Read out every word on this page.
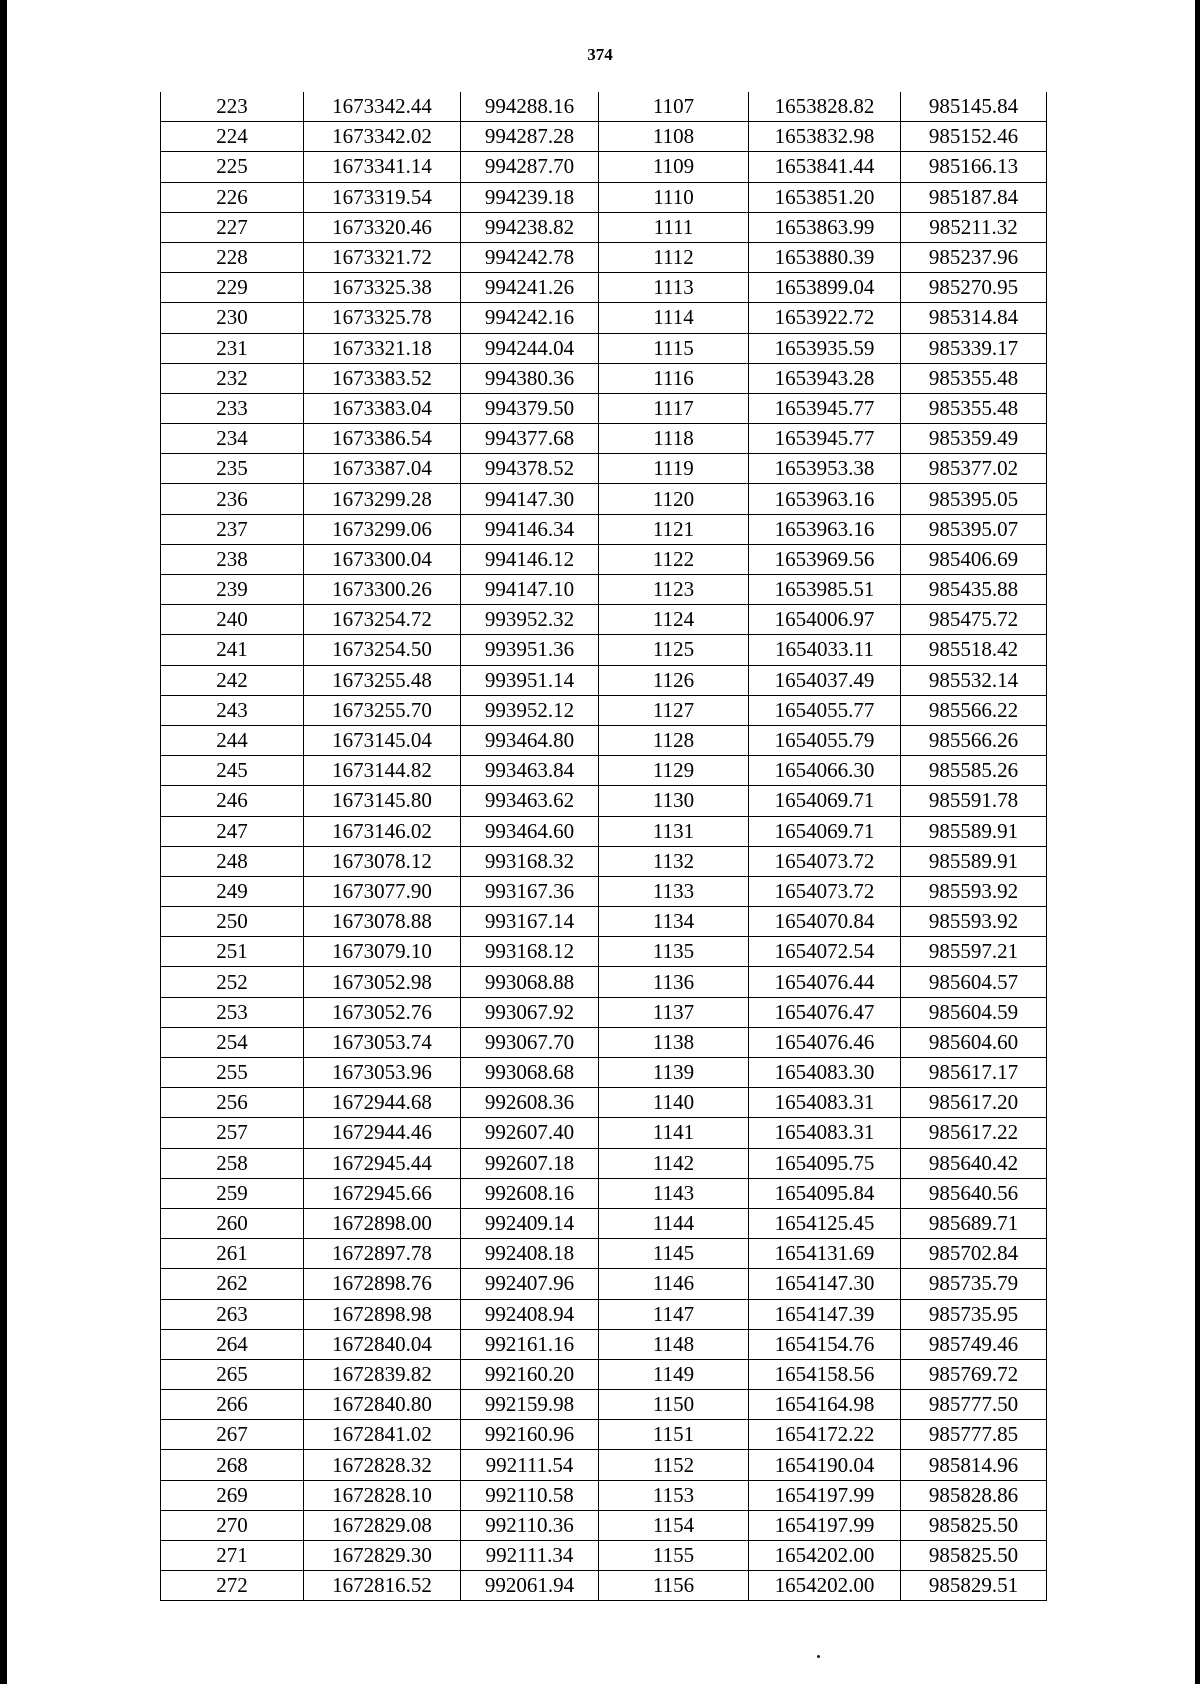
374
223	1673342.44	994288.16	1107	1653828.82	985145.84
224	1673342.02	994287.28	1108	1653832.98	985152.46
225	1673341.14	994287.70	1109	1653841.44	985166.13
226	1673319.54	994239.18	1110	1653851.20	985187.84
227	1673320.46	994238.82	1111	1653863.99	985211.32
228	1673321.72	994242.78	1112	1653880.39	985237.96
229	1673325.38	994241.26	1113	1653899.04	985270.95
230	1673325.78	994242.16	1114	1653922.72	985314.84
231	1673321.18	994244.04	1115	1653935.59	985339.17
232	1673383.52	994380.36	1116	1653943.28	985355.48
233	1673383.04	994379.50	1117	1653945.77	985355.48
234	1673386.54	994377.68	1118	1653945.77	985359.49
235	1673387.04	994378.52	1119	1653953.38	985377.02
236	1673299.28	994147.30	1120	1653963.16	985395.05
237	1673299.06	994146.34	1121	1653963.16	985395.07
238	1673300.04	994146.12	1122	1653969.56	985406.69
239	1673300.26	994147.10	1123	1653985.51	985435.88
240	1673254.72	993952.32	1124	1654006.97	985475.72
241	1673254.50	993951.36	1125	1654033.11	985518.42
242	1673255.48	993951.14	1126	1654037.49	985532.14
243	1673255.70	993952.12	1127	1654055.77	985566.22
244	1673145.04	993464.80	1128	1654055.79	985566.26
245	1673144.82	993463.84	1129	1654066.30	985585.26
246	1673145.80	993463.62	1130	1654069.71	985591.78
247	1673146.02	993464.60	1131	1654069.71	985589.91
248	1673078.12	993168.32	1132	1654073.72	985589.91
249	1673077.90	993167.36	1133	1654073.72	985593.92
250	1673078.88	993167.14	1134	1654070.84	985593.92
251	1673079.10	993168.12	1135	1654072.54	985597.21
252	1673052.98	993068.88	1136	1654076.44	985604.57
253	1673052.76	993067.92	1137	1654076.47	985604.59
254	1673053.74	993067.70	1138	1654076.46	985604.60
255	1673053.96	993068.68	1139	1654083.30	985617.17
256	1672944.68	992608.36	1140	1654083.31	985617.20
257	1672944.46	992607.40	1141	1654083.31	985617.22
258	1672945.44	992607.18	1142	1654095.75	985640.42
259	1672945.66	992608.16	1143	1654095.84	985640.56
260	1672898.00	992409.14	1144	1654125.45	985689.71
261	1672897.78	992408.18	1145	1654131.69	985702.84
262	1672898.76	992407.96	1146	1654147.30	985735.79
263	1672898.98	992408.94	1147	1654147.39	985735.95
264	1672840.04	992161.16	1148	1654154.76	985749.46
265	1672839.82	992160.20	1149	1654158.56	985769.72
266	1672840.80	992159.98	1150	1654164.98	985777.50
267	1672841.02	992160.96	1151	1654172.22	985777.85
268	1672828.32	992111.54	1152	1654190.04	985814.96
269	1672828.10	992110.58	1153	1654197.99	985828.86
270	1672829.08	992110.36	1154	1654197.99	985825.50
271	1672829.30	992111.34	1155	1654202.00	985825.50
272	1672816.52	992061.94	1156	1654202.00	985829.51
